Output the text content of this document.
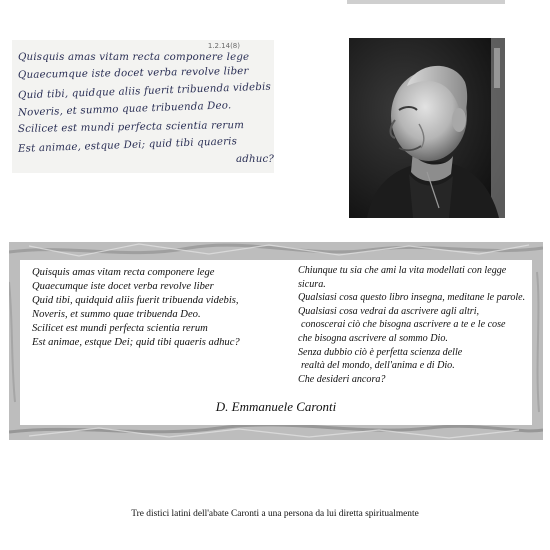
1.2.14(8)

Quisquis amas vitam recta componere lege

Quaecumque iste docet verba revolve liber

Quid tibi, quidque aliis fuerit tribuenda videbis

Noveris, et summo quae tribuenda Deo.

Scilicet est mundi perfecta scientia rerum

Est animae, estque Dei; quid tibi quaeris

adhuc?

Quisquis amas vitam recta componere lege
Quaecumque iste docet verba revolve liber
Quid tibi, quidquid aliis fuerit tribuenda videbis,
Noveris, et summo quae tribuenda Deo.
Scilicet est mundi perfecta scientia rerum
Est animae, estque Dei; quid tibi quaeris adhuc?
Chiunque tu sia che ami la vita modellati con legge
sicura.
Qualsiasi cosa questo libro insegna, meditane le parole.
Qualsiasi cosa vedrai da ascrivere agli altri,
conoscerai ciò che bisogna ascrivere a te e le cose
che bisogna ascrivere al sommo Dio.
Senza dubbio ciò è perfetta scienza delle
realtà del mondo, dell'anima e di Dio.
Che desideri ancora?
D. Emmanuele Caronti
Tre distici latini dell'abate Caronti a una persona da lui diretta spiritualmente
